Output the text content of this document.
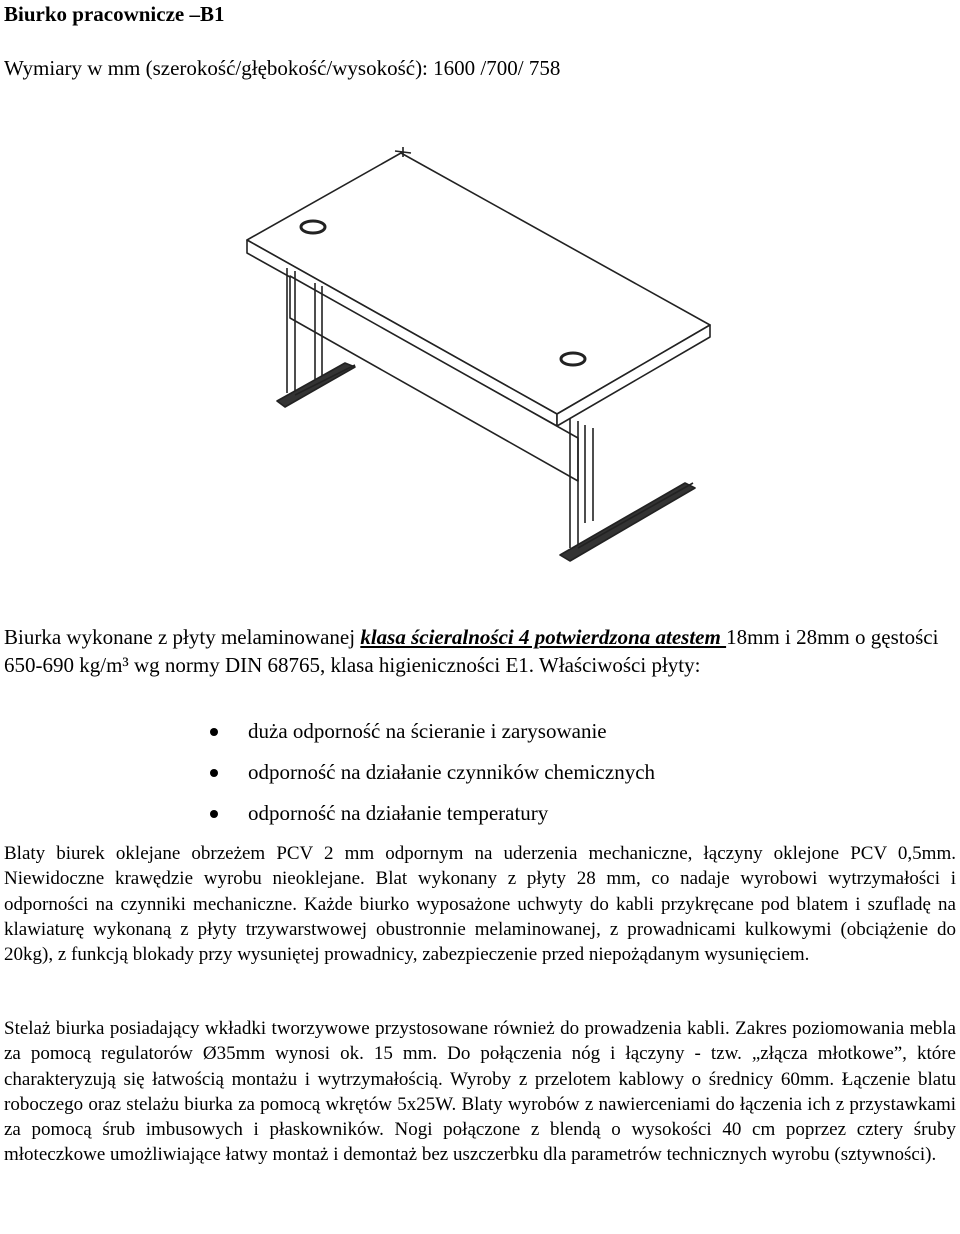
Biurko pracownicze –B1
Wymiary w mm (szerokość/głębokość/wysokość): 1600 /700/ 758
Biurka wykonane z płyty melaminowanej klasa ścieralności 4 potwierdzona atestem 18mm i 28mm o gęstości 650-690 kg/m³ wg normy DIN 68765, klasa higieniczności E1. Właściwości płyty:
duża odporność na ścieranie i zarysowanie
odporność na działanie czynników chemicznych
odporność na działanie temperatury
Blaty biurek oklejane obrzeżem PCV 2 mm odpornym na uderzenia mechaniczne, łączyny oklejone PCV 0,5mm. Niewidoczne krawędzie wyrobu nieoklejane. Blat wykonany z płyty 28 mm, co nadaje wyrobowi wytrzymałości i odporności na czynniki mechaniczne. Każde biurko wyposażone uchwyty do kabli przykręcane pod blatem i szufladę na klawiaturę wykonaną z płyty trzywarstwowej obustronnie melaminowanej, z prowadnicami kulkowymi (obciążenie do 20kg), z funkcją blokady przy wysuniętej prowadnicy, zabezpieczenie przed niepożądanym wysunięciem.
Stelaż biurka posiadający wkładki tworzywowe przystosowane również do prowadzenia kabli. Zakres poziomowania mebla za pomocą regulatorów Ø35mm wynosi ok. 15 mm. Do połączenia nóg i łączyny - tzw. „złącza młotkowe”, które charakteryzują się łatwością montażu i wytrzymałością. Wyroby z przelotem kablowy o średnicy 60mm. Łączenie blatu roboczego oraz stelażu biurka za pomocą wkrętów 5x25W. Blaty wyrobów z nawierceniami do łączenia ich z przystawkami za pomocą śrub imbusowych i płaskowników. Nogi połączone z blendą o wysokości 40 cm poprzez cztery śruby młoteczkowe umożliwiające łatwy montaż i demontaż bez uszczerbku dla parametrów technicznych wyrobu (sztywności).
